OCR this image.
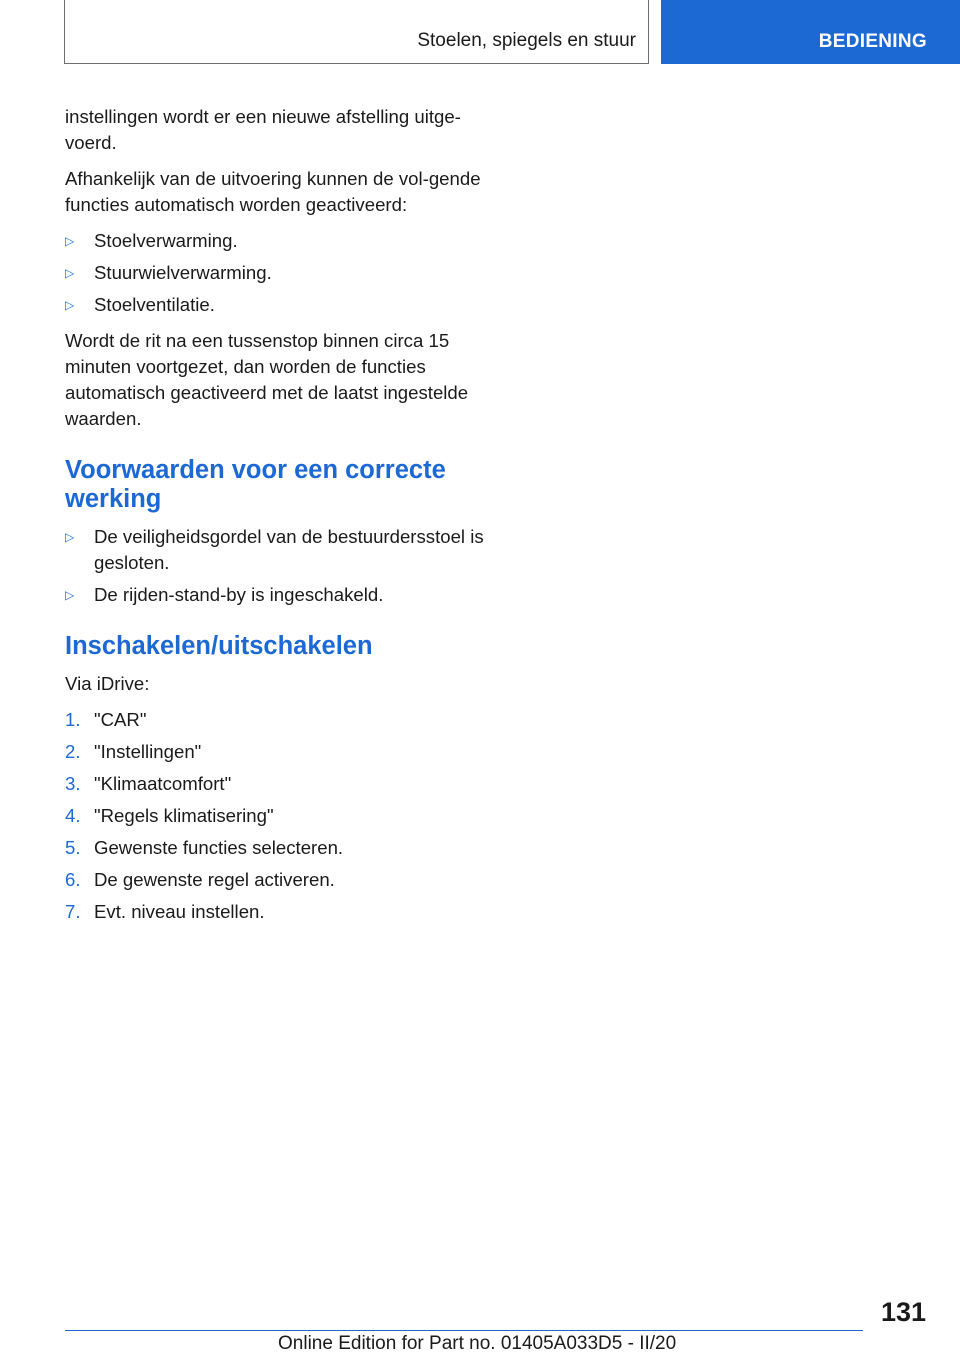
Stoelen, spiegels en stuur	BEDIENING

instellingen wordt er een nieuwe afstelling uitge-voerd.

Afhankelijk van de uitvoering kunnen de vol-gende functies automatisch worden geactiveerd:

▷ Stoelverwarming.
▷ Stuurwielverwarming.
▷ Stoelventilatie.

Wordt de rit na een tussenstop binnen circa 15 minuten voortgezet, dan worden de functies automatisch geactiveerd met de laatst ingestelde waarden.

Voorwaarden voor een correcte werking
▷ De veiligheidsgordel van de bestuurdersstoel is gesloten.
▷ De rijden-stand-by is ingeschakeld.
Inschakelen/uitschakelen

Via iDrive:

1. "CAR"
2. "Instellingen"
3. "Klimaatcomfort"
4. "Regels klimatisering"
5. Gewenste functies selecteren.
6. De gewenste regel activeren.
7. Evt. niveau instellen.
131
Online Edition for Part no. 01405A033D5 - II/20
